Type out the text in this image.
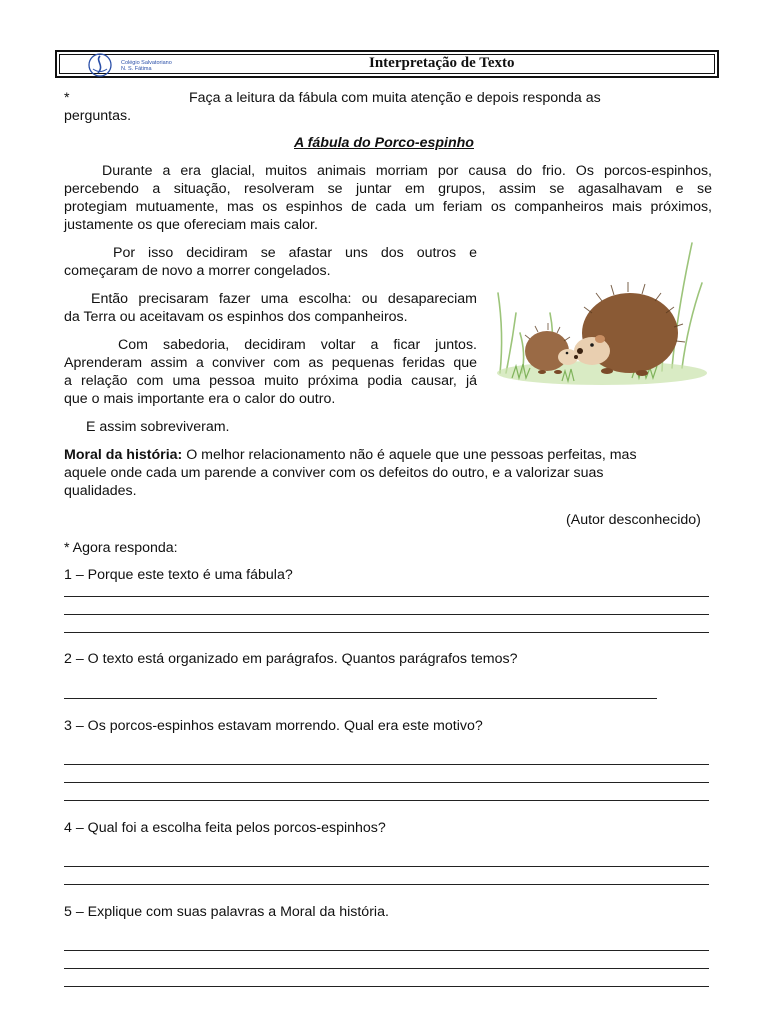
Colégio Salvatoriano
N. S. Fátima	Interpretação de Texto
*	Faça a leitura da fábula com muita atenção e depois responda as
perguntas.
A fábula do Porco-espinho
Durante a era glacial, muitos animais morriam por causa do frio. Os porcos-espinhos,
percebendo a situação, resolveram se juntar em grupos, assim se agasalhavam e se
protegiam mutuamente, mas os espinhos de cada um feriam os companheiros mais próximos,
justamente os que ofereciam mais calor.
Por isso decidiram se afastar uns dos outros e
começaram de novo a morrer congelados.
Então precisaram fazer uma escolha: ou desapareciam
da Terra ou aceitavam os espinhos dos companheiros.
Com sabedoria, decidiram voltar a ficar juntos.
Aprenderam assim a conviver com as pequenas feridas que
a relação com uma pessoa muito próxima podia causar, já
que o mais importante era o calor do outro.
E assim sobreviveram.
Moral da história: O melhor relacionamento não é aquele que une pessoas perfeitas, mas
aquele onde cada um parende a conviver com os defeitos do outro, e a valorizar suas
qualidades.
(Autor desconhecido)
* Agora responda:
1 – Porque este texto é uma fábula?
2 – O texto está organizado em parágrafos. Quantos parágrafos temos?
3 – Os porcos-espinhos estavam morrendo. Qual era este motivo?
4 – Qual foi a escolha feita pelos porcos-espinhos?
5 – Explique com suas palavras a Moral da história.
